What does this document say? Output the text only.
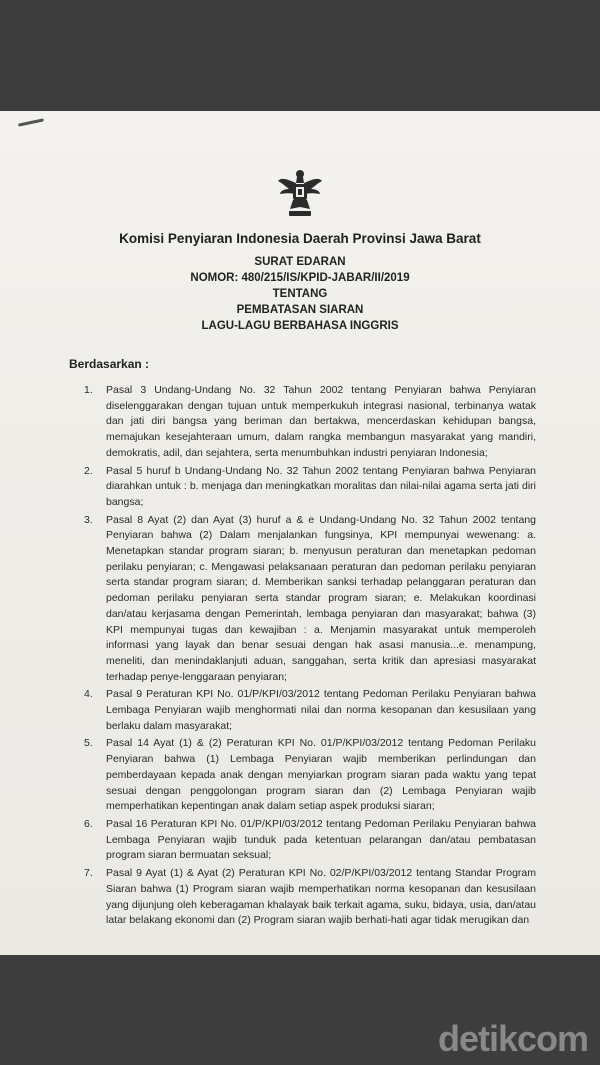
Komisi Penyiaran Indonesia Daerah Provinsi Jawa Barat
SURAT EDARAN
NOMOR: 480/215/IS/KPID-JABAR/II/2019
TENTANG
PEMBATASAN SIARAN
LAGU-LAGU BERBAHASA INGGRIS
Berdasarkan :
1. Pasal 3 Undang-Undang No. 32 Tahun 2002 tentang Penyiaran bahwa Penyiaran diselenggarakan dengan tujuan untuk memperkukuh integrasi nasional, terbinanya watak dan jati diri bangsa yang beriman dan bertakwa, mencerdaskan kehidupan bangsa, memajukan kesejahteraan umum, dalam rangka membangun masyarakat yang mandiri, demokratis, adil, dan sejahtera, serta menumbuhkan industri penyiaran Indonesia;
2. Pasal 5 huruf b Undang-Undang No. 32 Tahun 2002 tentang Penyiaran bahwa Penyiaran diarahkan untuk : b. menjaga dan meningkatkan moralitas dan nilai-nilai agama serta jati diri bangsa;
3. Pasal 8 Ayat (2) dan Ayat (3) huruf a & e Undang-Undang No. 32 Tahun 2002 tentang Penyiaran bahwa (2) Dalam menjalankan fungsinya, KPI mempunyai wewenang: a. Menetapkan standar program siaran; b. menyusun peraturan dan menetapkan pedoman perilaku penyiaran; c. Mengawasi pelaksanaan peraturan dan pedoman perilaku penyiaran serta standar program siaran; d. Memberikan sanksi terhadap pelanggaran peraturan dan pedoman perilaku penyiaran serta standar program siaran; e. Melakukan koordinasi dan/atau kerjasama dengan Pemerintah, lembaga penyiaran dan masyarakat; bahwa (3) KPI mempunyai tugas dan kewajiban : a. Menjamin masyarakat untuk memperoleh informasi yang layak dan benar sesuai dengan hak asasi manusia...e. menampung, meneliti, dan menindaklanjuti aduan, sanggahan, serta kritik dan apresiasi masyarakat terhadap penye-lenggaraan penyiaran;
4. Pasal 9 Peraturan KPI No. 01/P/KPI/03/2012 tentang Pedoman Perilaku Penyiaran bahwa Lembaga Penyiaran wajib menghormati nilai dan norma kesopanan dan kesusilaan yang berlaku dalam masyarakat;
5. Pasal 14 Ayat (1) & (2) Peraturan KPI No. 01/P/KPI/03/2012 tentang Pedoman Perilaku Penyiaran bahwa (1) Lembaga Penyiaran wajib memberikan perlindungan dan pemberdayaan kepada anak dengan menyiarkan program siaran pada waktu yang tepat sesuai dengan penggolongan program siaran dan (2) Lembaga Penyiaran wajib memperhatikan kepentingan anak dalam setiap aspek produksi siaran;
6. Pasal 16 Peraturan KPI No. 01/P/KPI/03/2012 tentang Pedoman Perilaku Penyiaran bahwa Lembaga Penyiaran wajib tunduk pada ketentuan pelarangan dan/atau pembatasan program siaran bermuatan seksual;
7. Pasal 9 Ayat (1) & Ayat (2) Peraturan KPI No. 02/P/KPI/03/2012 tentang Standar Program Siaran bahwa (1) Program siaran wajib memperhatikan norma kesopanan dan kesusilaan yang dijunjung oleh keberagaman khalayak baik terkait agama, suku, bidaya, usia, dan/atau latar belakang ekonomi dan (2) Program siaran wajib berhati-hati agar tidak merugikan dan
detikcom
